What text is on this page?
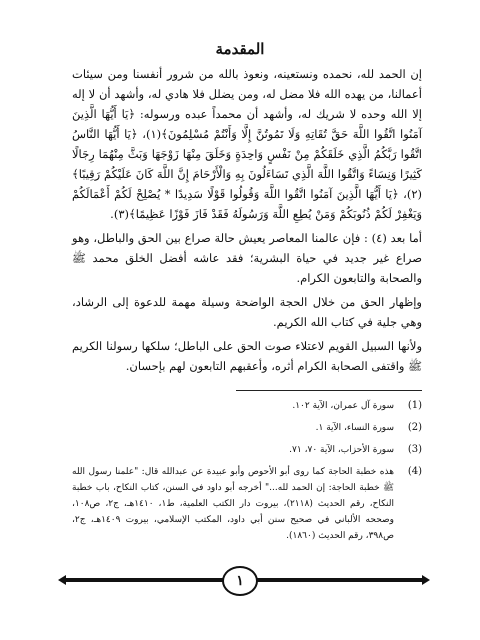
المقدمة

إن الحمد لله، نحمده ونستعينه، ونعوذ بالله من شرور أنفسنا ومن سيئات أعمالنا، من يهده الله فلا مضل له، ومن يضلل فلا هادي له، وأشهد أن لا إله إلا الله وحده لا شريك له، وأشهد أن محمداً عبده ورسوله: ﴿يَا أَيُّهَا الَّذِينَ آمَنُوا اتَّقُوا اللَّهَ حَقَّ تُقَاتِهِ وَلَا تَمُوتُنَّ إِلَّا وَأَنْتُمْ مُسْلِمُونَ﴾(١)، ﴿يَا أَيُّهَا النَّاسُ اتَّقُوا رَبَّكُمُ الَّذِي خَلَقَكُمْ مِنْ نَفْسٍ وَاحِدَةٍ وَخَلَقَ مِنْهَا زَوْجَهَا وَبَثَّ مِنْهُمَا رِجَالًا كَثِيرًا وَنِسَاءً وَاتَّقُوا اللَّهَ الَّذِي تَسَاءَلُونَ بِهِ وَالْأَرْحَامَ إِنَّ اللَّهَ كَانَ عَلَيْكُمْ رَقِيبًا﴾(٢)، ﴿يَا أَيُّهَا الَّذِينَ آمَنُوا اتَّقُوا اللَّهَ وَقُولُوا قَوْلًا سَدِيدًا * يُصْلِحْ لَكُمْ أَعْمَالَكُمْ وَيَغْفِرْ لَكُمْ ذُنُوبَكُمْ وَمَنْ يُطِعِ اللَّهَ وَرَسُولَهُ فَقَدْ فَازَ فَوْزًا عَظِيمًا﴾(٣).

أما بعد (٤) : فإن عالمنا المعاصر يعيش حالة صراع بين الحق والباطل، وهو صراع غير جديد في حياة البشرية؛ فقد عاشه أفضل الخلق محمد ﷺ والصحابة والتابعون الكرام.

وإظهار الحق من خلال الحجة الواضحة وسيلة مهمة للدعوة إلى الرشاد، وهي جلية في كتاب الله الكريم.

ولأنها السبيل القويم لاعتلاء صوت الحق على الباطل؛ سلكها رسولنا الكريم ﷺ واقتفى الصحابة الكرام أثره، وأعقبهم التابعون لهم بإحسان.

(1)
سورة آل عمران، الآية ١٠٢.
(2)
سورة النساء، الآية ١.
(3)
سورة الأحزاب، الآية ٧٠، ٧١.
(4)
هذه خطبة الحاجة كما روى أبو الأحوص وأبو عبيدة عن عبدالله قال: "علمنا رسول الله ﷺ خطبة الحاجة: إن الحمد لله..." أخرجه أبو داود في السنن، كتاب النكاح، باب خطبة النكاح، رقم الحديث (٢١١٨)، بيروت دار الكتب العلمية، ط١، ١٤١٠هـ، ج٢، ص١٠٨، وصححه الألباني في صحيح سنن أبي داود، المكتب الإسلامي، بيروت ١٤٠٩هـ، ج٢، ص٣٩٨، رقم الحديث (١٨٦٠).
١
